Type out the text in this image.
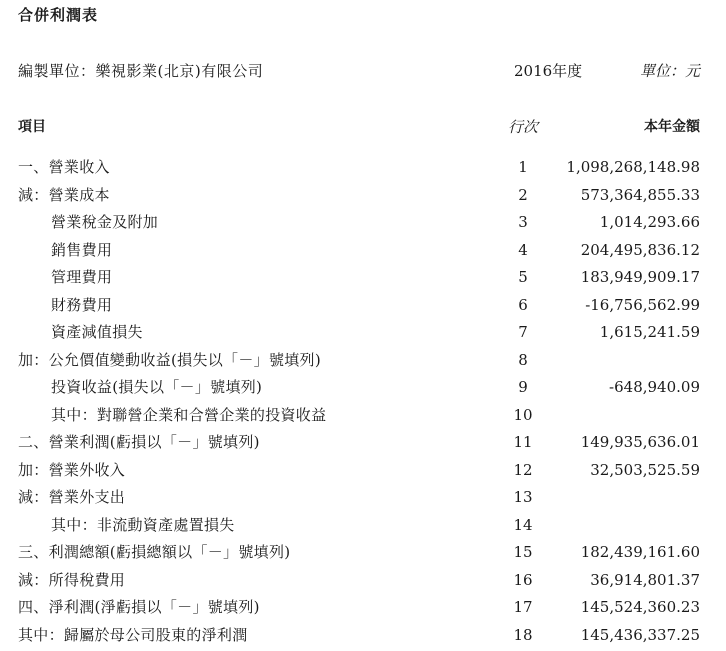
合併利潤表
編製單位：樂視影業(北京)有限公司	2016年度	單位：元
項目	行次	本年金額
一、營業收入	1	1,098,268,148.98
減：營業成本	2	573,364,855.33
營業稅金及附加	3	1,014,293.66
銷售費用	4	204,495,836.12
管理費用	5	183,949,909.17
財務費用	6	-16,756,562.99
資產減值損失	7	1,615,241.59
加：公允價值變動收益(損失以「－」號填列)	8
投資收益(損失以「－」號填列)	9	-648,940.09
其中：對聯營企業和合營企業的投資收益	10
二、營業利潤(虧損以「－」號填列)	11	149,935,636.01
加：營業外收入	12	32,503,525.59
減：營業外支出	13
其中：非流動資產處置損失	14
三、利潤總額(虧損總額以「－」號填列)	15	182,439,161.60
減：所得稅費用	16	36,914,801.37
四、淨利潤(淨虧損以「－」號填列)	17	145,524,360.23
其中：歸屬於母公司股東的淨利潤	18	145,436,337.25
